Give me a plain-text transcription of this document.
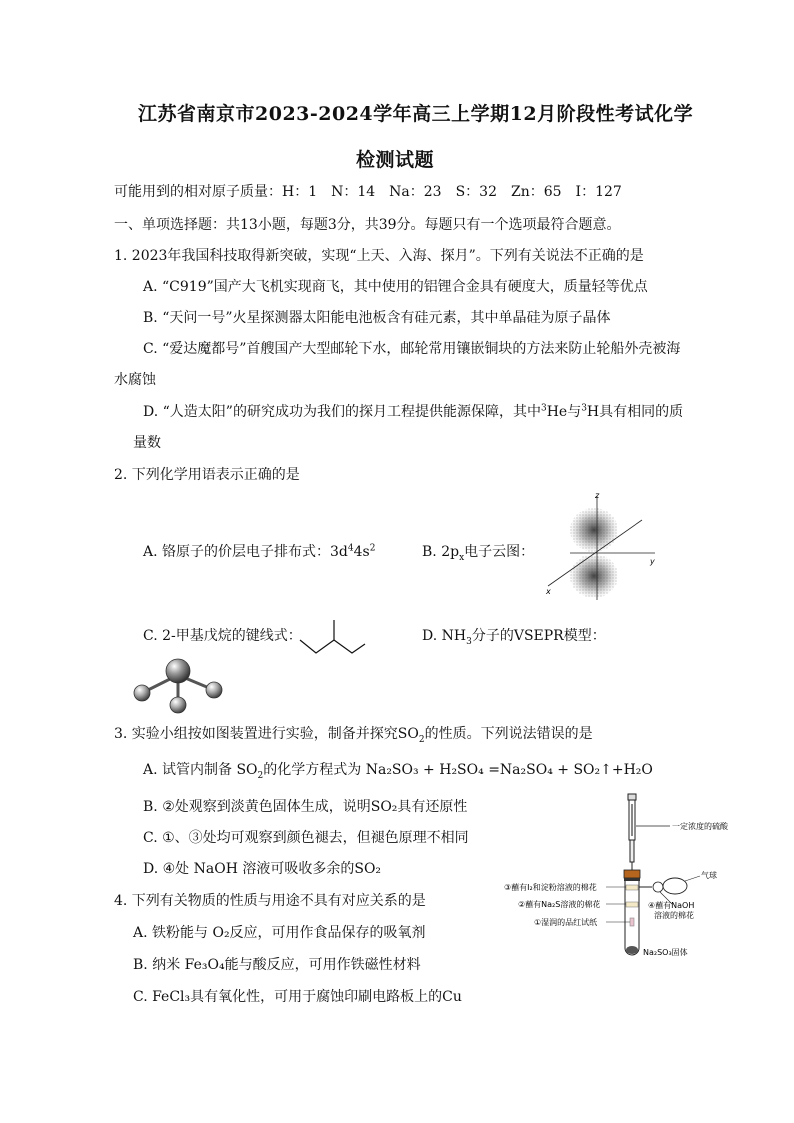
江苏省南京市2023-2024学年高三上学期12月阶段性考试化学
检测试题
可能用到的相对原子质量：H：1　N：14　Na：23　S：32　Zn：65　I：127
一、单项选择题：共13小题，每题3分，共39分。每题只有一个选项最符合题意。
1. 2023年我国科技取得新突破，实现“上天、入海、探月”。下列有关说法不正确的是
A. “C919”国产大飞机实现商飞，其中使用的铝锂合金具有硬度大，质量轻等优点
B. “天问一号”火星探测器太阳能电池板含有硅元素，其中单晶硅为原子晶体
C. “爱达魔都号”首艘国产大型邮轮下水，邮轮常用镶嵌铜块的方法来防止轮船外壳被海
水腐蚀
D. “人造太阳”的研究成功为我们的探月工程提供能源保障，其中$^3$He与$^3$H具有相同的质
量数
2. 下列化学用语表示正确的是
A. 铬原子的价层电子排布式：$3d^44s^2$	B. $2p_x$电子云图：
z
y
x
C. 2-甲基戊烷的键线式：	D. $NH_3$分子的VSEPR模型：
3. 实验小组按如图装置进行实验，制备并探究$SO_2$的性质。下列说法错误的是
A. 试管内制备 $SO_2$的化学方程式为 Na₂SO₃ + H₂SO₄ =Na₂SO₄ + SO₂↑+H₂O
B. ②处观察到淡黄色固体生成，说明SO₂具有还原性
C. ①、③处均可观察到颜色褪去，但褪色原理不相同
D. ④处 NaOH 溶液可吸收多余的SO₂
一定浓度的硫酸
气球
④蘸有NaOH
溶液的棉花
③蘸有I₂和淀粉溶液的棉花
②蘸有Na₂S溶液的棉花
①湿润的品红试纸
Na₂SO₃固体
4. 下列有关物质的性质与用途不具有对应关系的是
A. 铁粉能与 O₂反应，可用作食品保存的吸氧剂
B. 纳米 Fe₃O₄能与酸反应，可用作铁磁性材料
C. FeCl₃具有氧化性，可用于腐蚀印刷电路板上的Cu
